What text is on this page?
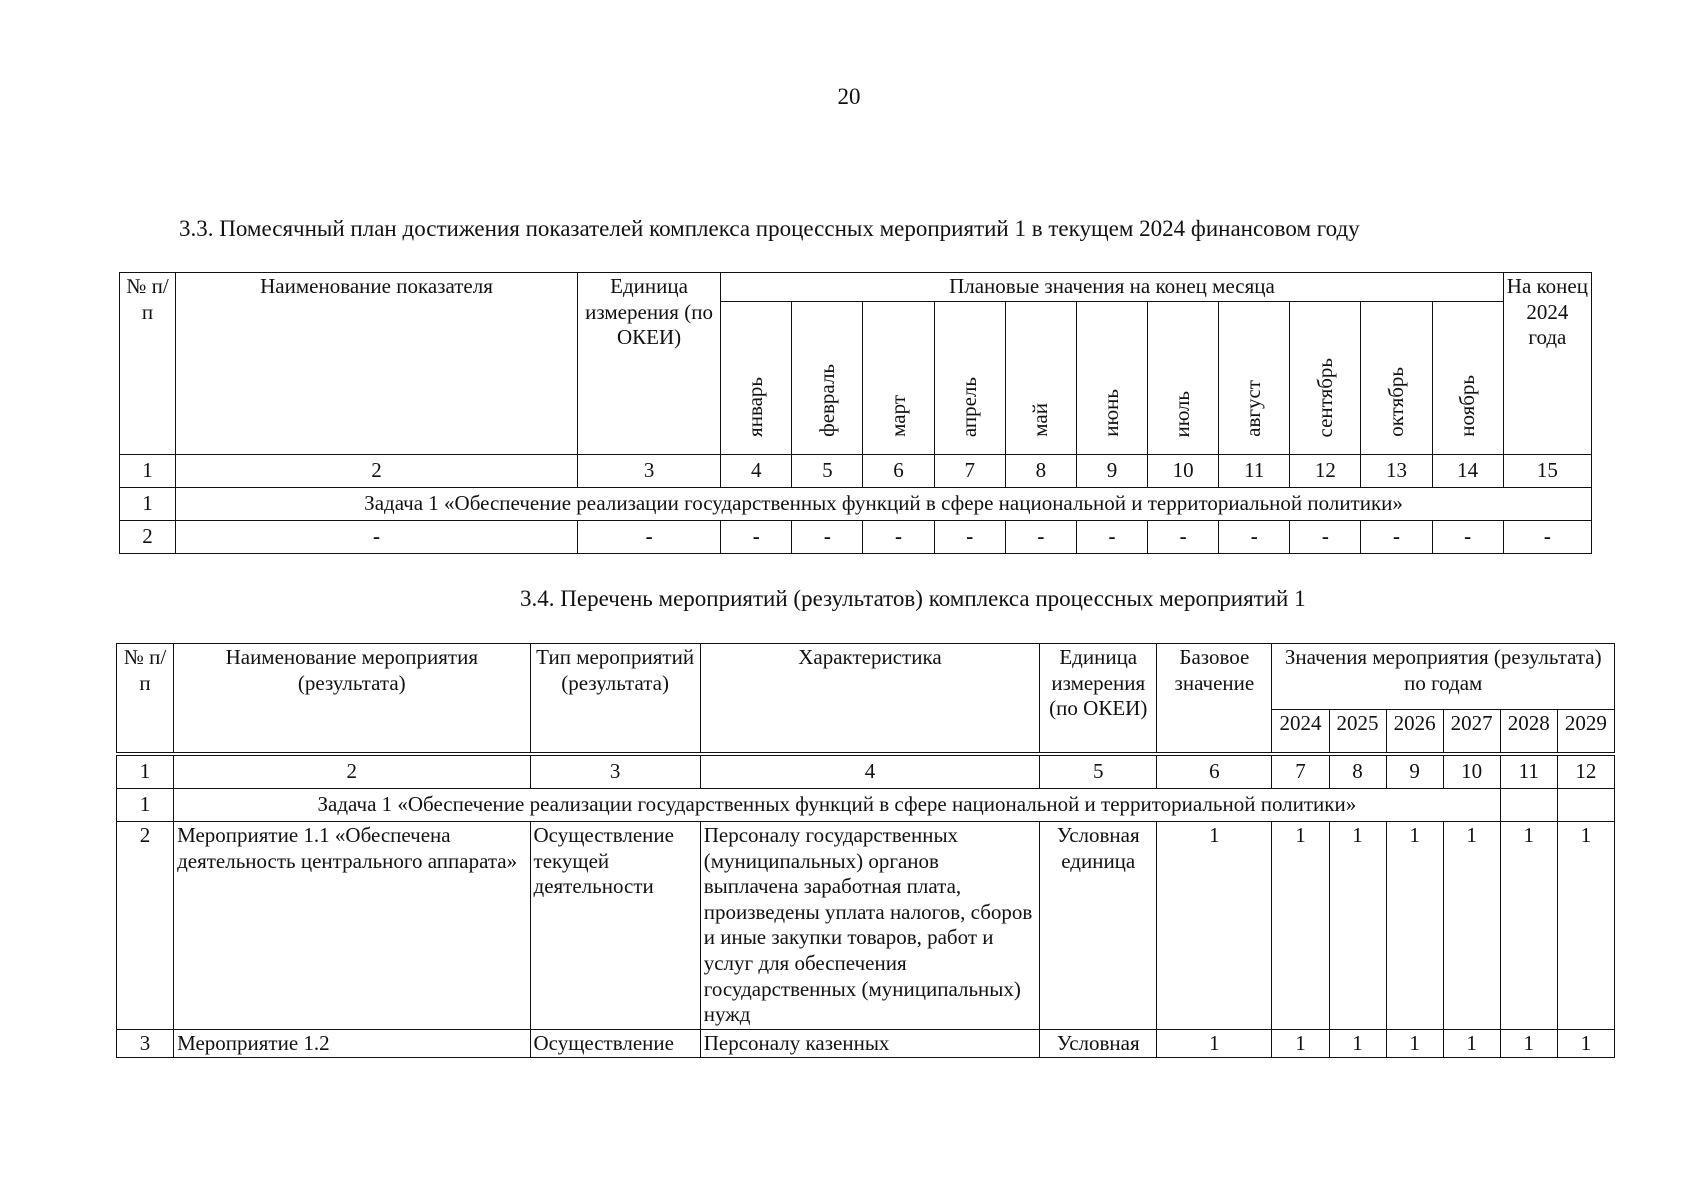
20
3.3. Помесячный план достижения показателей комплекса процессных мероприятий 1 в текущем 2024 финансовом году
№ п/п	Наименование показателя	Единица измерения (по ОКЕИ)	Плановые значения на конец месяца											На конец 2024 года
			январь	февраль	март	апрель	май	июнь	июль	август	сентябрь	октябрь	ноябрь	
1	2	3	4	5	6	7	8	9	10	11	12	13	14	15
1	Задача 1 «Обеспечение реализации государственных функций в сфере национальной и территориальной политики»													
2	-	-	-	-	-	-	-	-	-	-	-	-	-	-
3.4. Перечень мероприятий (результатов) комплекса процессных мероприятий 1
№ п/п	Наименование мероприятия (результата)	Тип мероприятий (результата)	Характеристика	Единица измерения (по ОКЕИ)	Базовое значение	Значения мероприятия (результата) по годам					
						2024	2025	2026	2027	2028	2029

1	2	3	4	5	6	7	8	9	10	11	12
1	Задача 1 «Обеспечение реализации государственных функций в сфере национальной и территориальной политики»										
2	Мероприятие 1.1 «Обеспечена деятельность центрального аппарата»	Осуществление текущей деятельности	Персоналу государственных (муниципальных) органов выплачена заработная плата, произведены уплата налогов, сборов и иные закупки товаров, работ и услуг для обеспечения государственных (муниципальных) нужд	Условная единица	1	1	1	1	1	1	1
3	Мероприятие 1.2	Осуществление	Персоналу казенных	Условная	1	1	1	1	1	1	1
